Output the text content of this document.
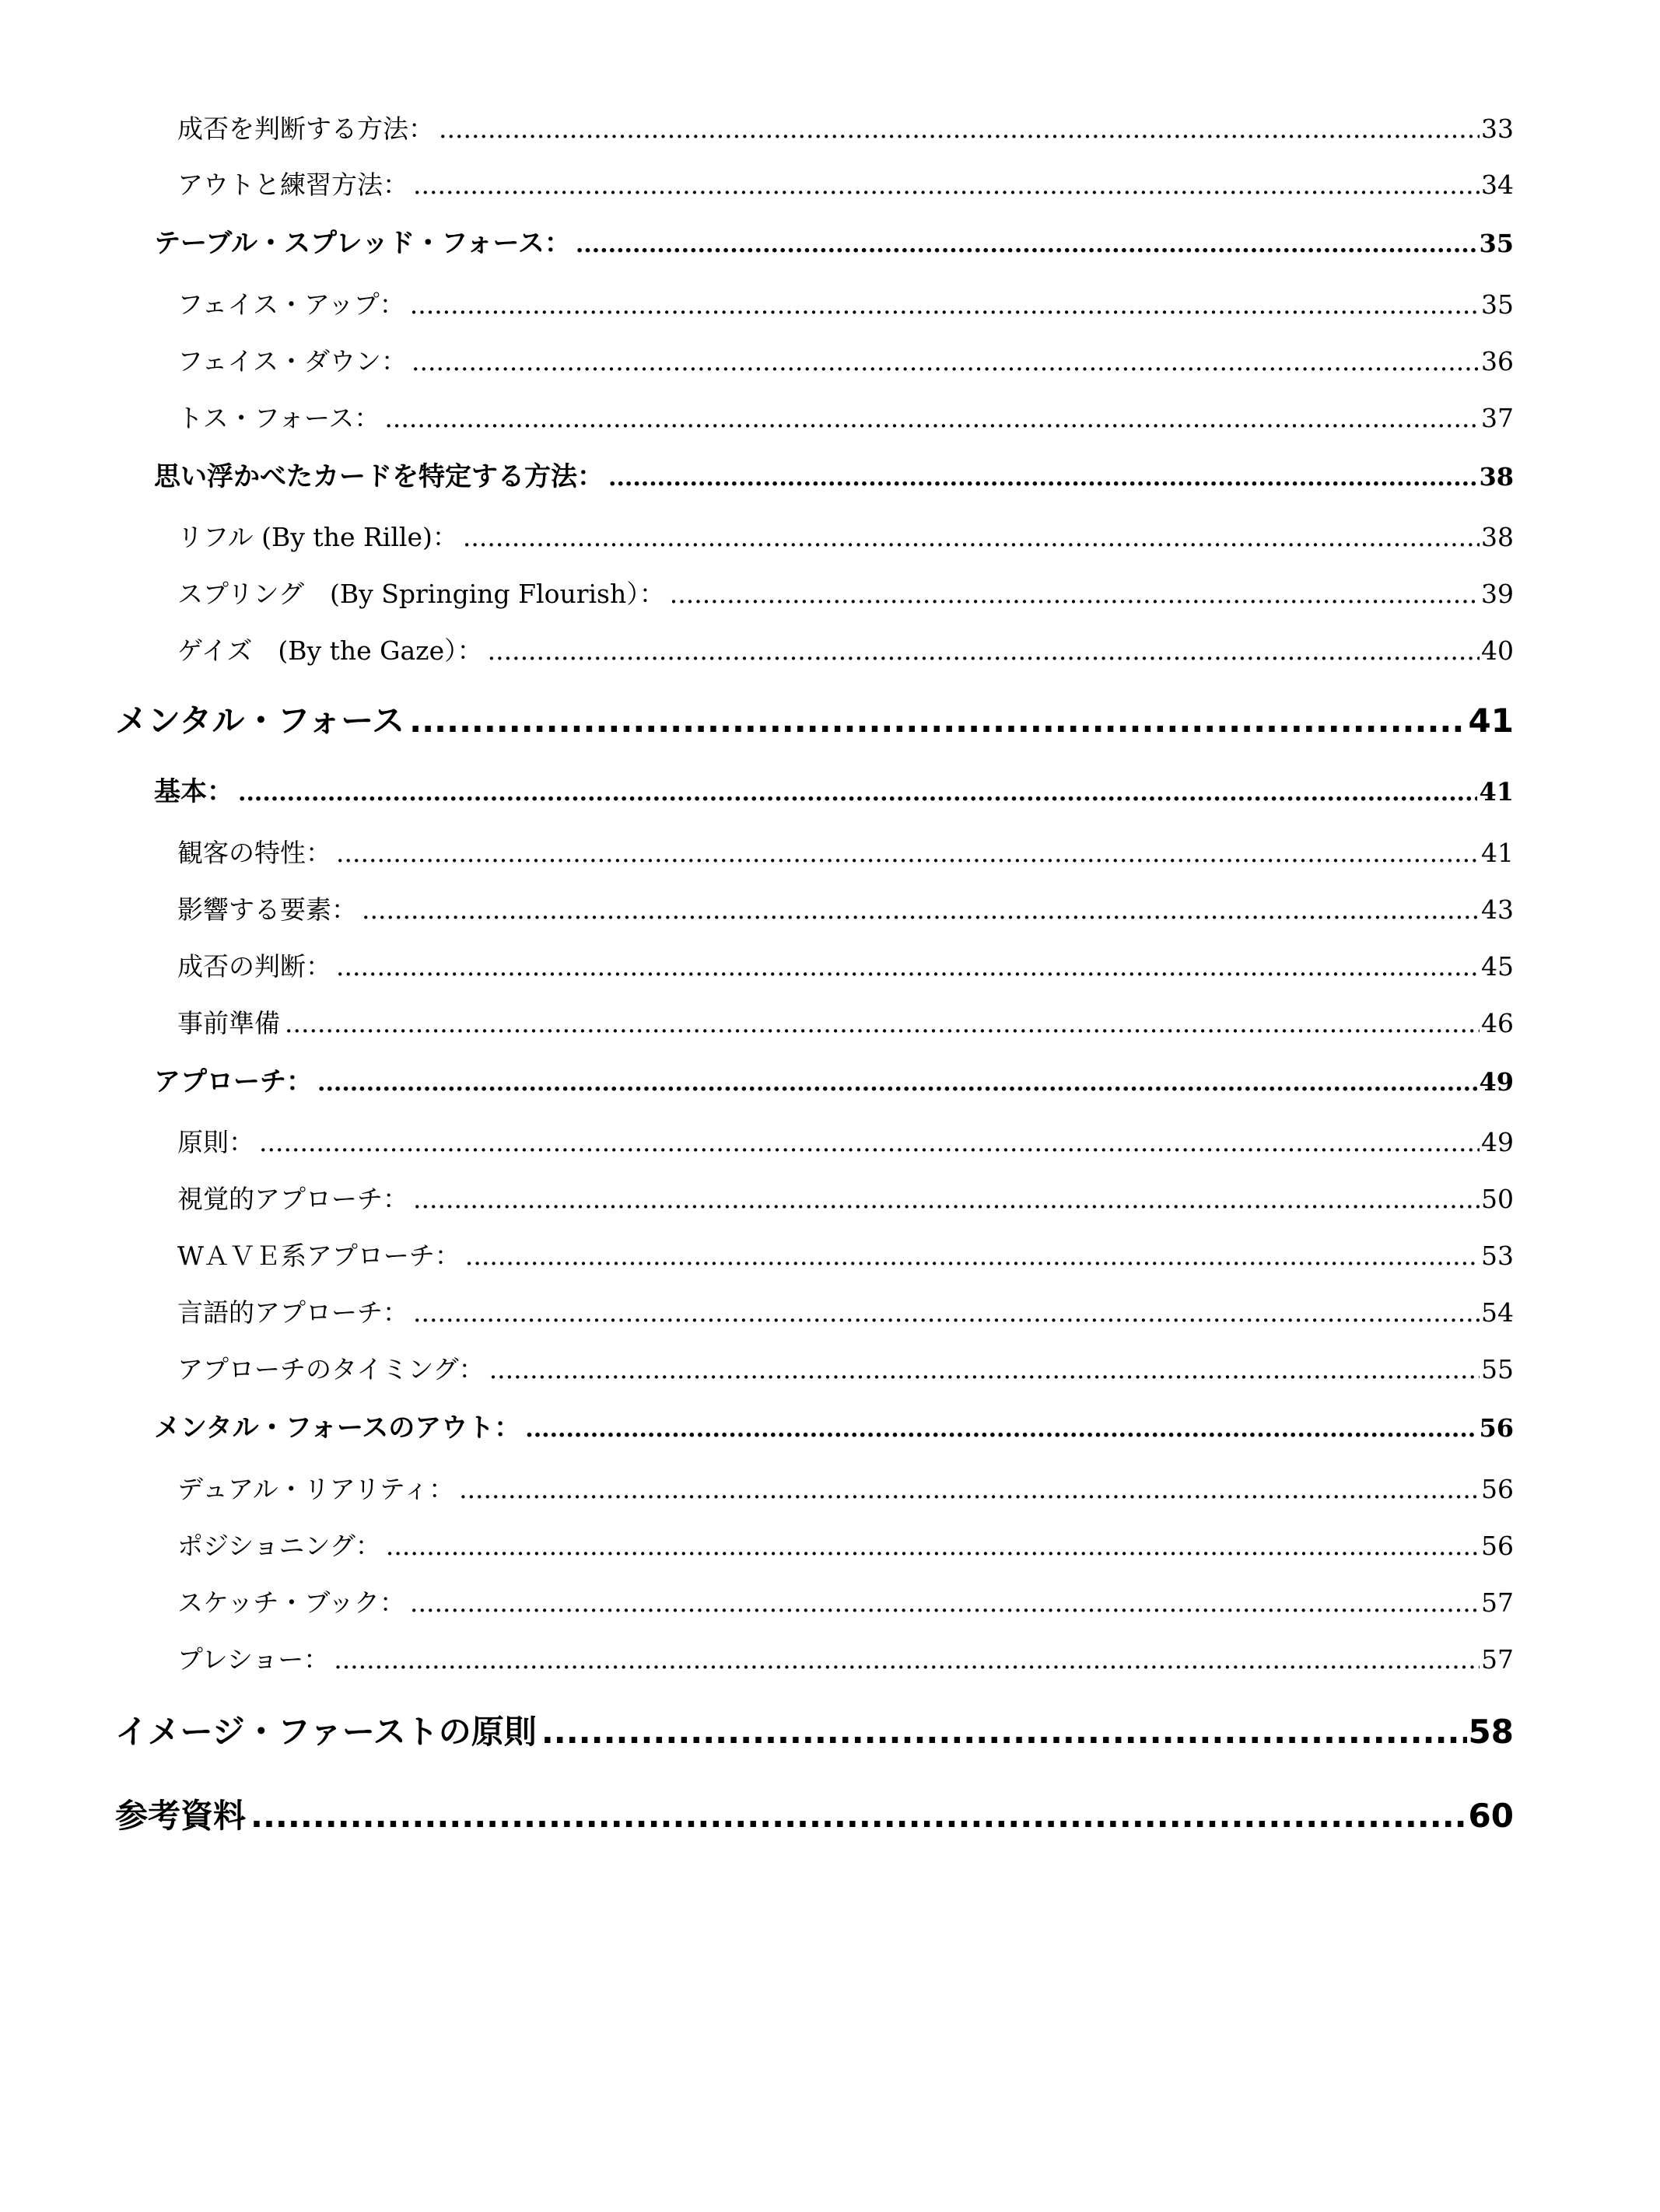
成否を判断する方法： .....	33
アウトと練習方法： .....	34
テーブル・スプレッド・フォース： .....	35
フェイス・アップ： .....	35
フェイス・ダウン： .....	36
トス・フォース： .....	37
思い浮かべたカードを特定する方法： .....	38
リフル (By the Rille)： .....	38
スプリング　(By Springing Flourish）： .....	39
ゲイズ　(By the Gaze）： .....	40
メンタル・フォース .....	41
基本： .....	41
観客の特性： .....	41
影響する要素： .....	43
成否の判断： .....	45
事前準備 .....	46
アプローチ： .....	49
原則： .....	49
視覚的アプローチ： .....	50
WＡＶＥ系アプローチ： .....	53
言語的アプローチ： .....	54
アプローチのタイミング： .....	55
メンタル・フォースのアウト： .....	56
デュアル・リアリティ： .....	56
ポジショニング： .....	56
スケッチ・ブック： .....	57
プレショー： .....	57
イメージ・ファーストの原則 .....	58
参考資料 .....	60
